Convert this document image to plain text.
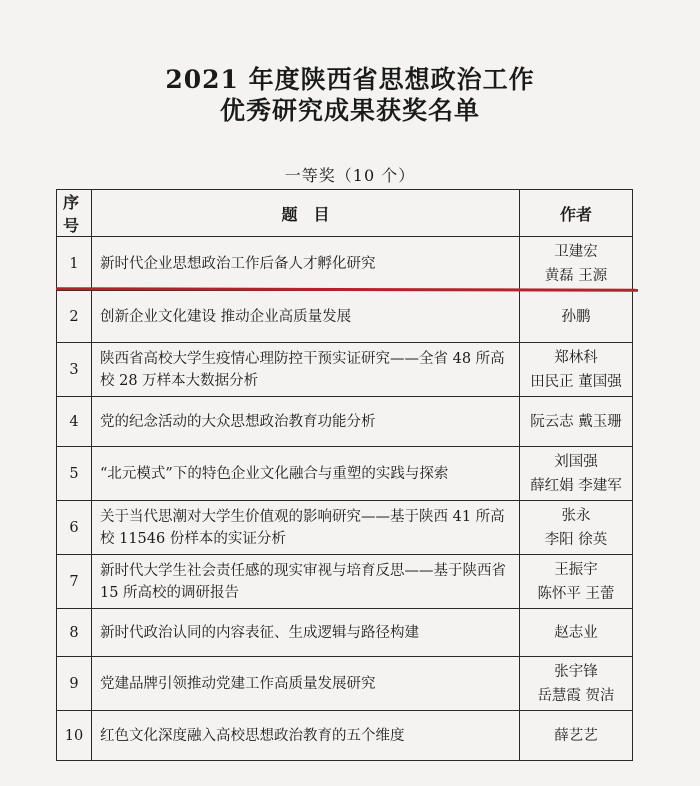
2021 年度陕西省思想政治工作
优秀研究成果获奖名单
一等奖（10 个）
序号	题　目	作者
1	新时代企业思想政治工作后备人才孵化研究	卫建宏
黄磊 王源

2	创新企业文化建设 推动企业高质量发展	孙鹏

3	陕西省高校大学生疫情心理防控干预实证研究——全省 48 所高校 28 万样本大数据分析	郑林科
田民正 董国强

4	党的纪念活动的大众思想政治教育功能分析	阮云志 戴玉珊

5	“北元模式”下的特色企业文化融合与重塑的实践与探索	刘国强
薛红娟 李建军

6	关于当代思潮对大学生价值观的影响研究——基于陕西 41 所高校 11546 份样本的实证分析	张永
李阳 徐英

7	新时代大学生社会责任感的现实审视与培育反思——基于陕西省 15 所高校的调研报告	王振宇
陈怀平 王蕾

8	新时代政治认同的内容表征、生成逻辑与路径构建	赵志业

9	党建品牌引领推动党建工作高质量发展研究	张宇锋
岳慧霞 贺洁

10	红色文化深度融入高校思想政治教育的五个维度	薛艺艺
